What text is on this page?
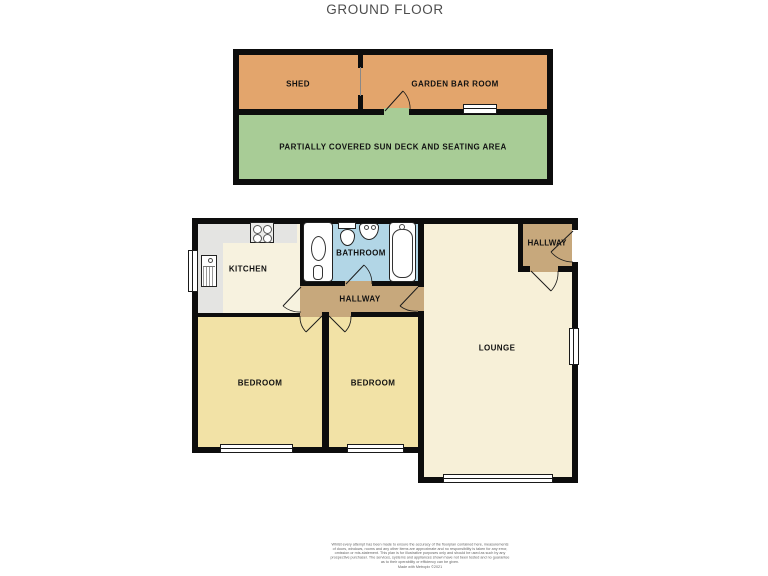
GROUND FLOOR
SHED	GARDEN BAR ROOM
PARTIALLY COVERED SUN DECK AND SEATING AREA
KITCHEN
BATHROOM
HALLWAY
HALLWAY
LOUNGE
BEDROOM	BEDROOM
Whilst every attempt has been made to ensure the accuracy of the floorplan contained here, measurements
of doors, windows, rooms and any other items are approximate and no responsibility is taken for any error,
omission or mis-statement. This plan is for illustrative purposes only and should be used as such by any
prospective purchaser. The services, systems and appliances shown have not been tested and no guarantee
as to their operability or efficiency can be given.
Made with Metropix ©2021
